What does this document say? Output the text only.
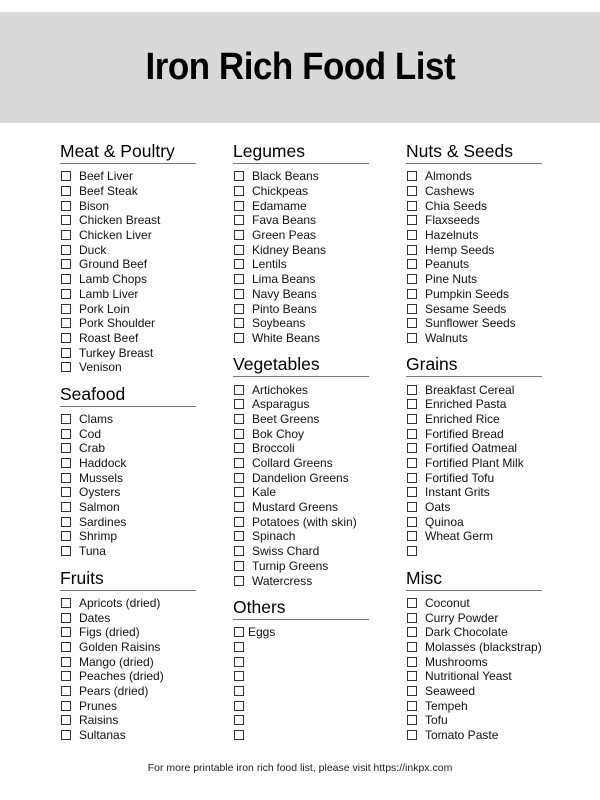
Iron Rich Food List
Meat & Poultry
Beef Liver
Beef Steak
Bison
Chicken Breast
Chicken Liver
Duck
Ground Beef
Lamb Chops
Lamb Liver
Pork Loin
Pork Shoulder
Roast Beef
Turkey Breast
Venison
Seafood
Clams
Cod
Crab
Haddock
Mussels
Oysters
Salmon
Sardines
Shrimp
Tuna
Fruits
Apricots (dried)
Dates
Figs (dried)
Golden Raisins
Mango (dried)
Peaches (dried)
Pears (dried)
Prunes
Raisins
Sultanas
Legumes
Black Beans
Chickpeas
Edamame
Fava Beans
Green Peas
Kidney Beans
Lentils
Lima Beans
Navy Beans
Pinto Beans
Soybeans
White Beans
Vegetables
Artichokes
Asparagus
Beet Greens
Bok Choy
Broccoli
Collard Greens
Dandelion Greens
Kale
Mustard Greens
Potatoes (with skin)
Spinach
Swiss Chard
Turnip Greens
Watercress
Others
Eggs
Nuts & Seeds
Almonds
Cashews
Chia Seeds
Flaxseeds
Hazelnuts
Hemp Seeds
Peanuts
Pine Nuts
Pumpkin Seeds
Sesame Seeds
Sunflower Seeds
Walnuts
Grains
Breakfast Cereal
Enriched Pasta
Enriched Rice
Fortified Bread
Fortified Oatmeal
Fortified Plant Milk
Fortified Tofu
Instant Grits
Oats
Quinoa
Wheat Germ
Misc
Coconut
Curry Powder
Dark Chocolate
Molasses (blackstrap)
Mushrooms
Nutritional Yeast
Seaweed
Tempeh
Tofu
Tomato Paste
For more printable iron rich food list, please visit https://inkpx.com
